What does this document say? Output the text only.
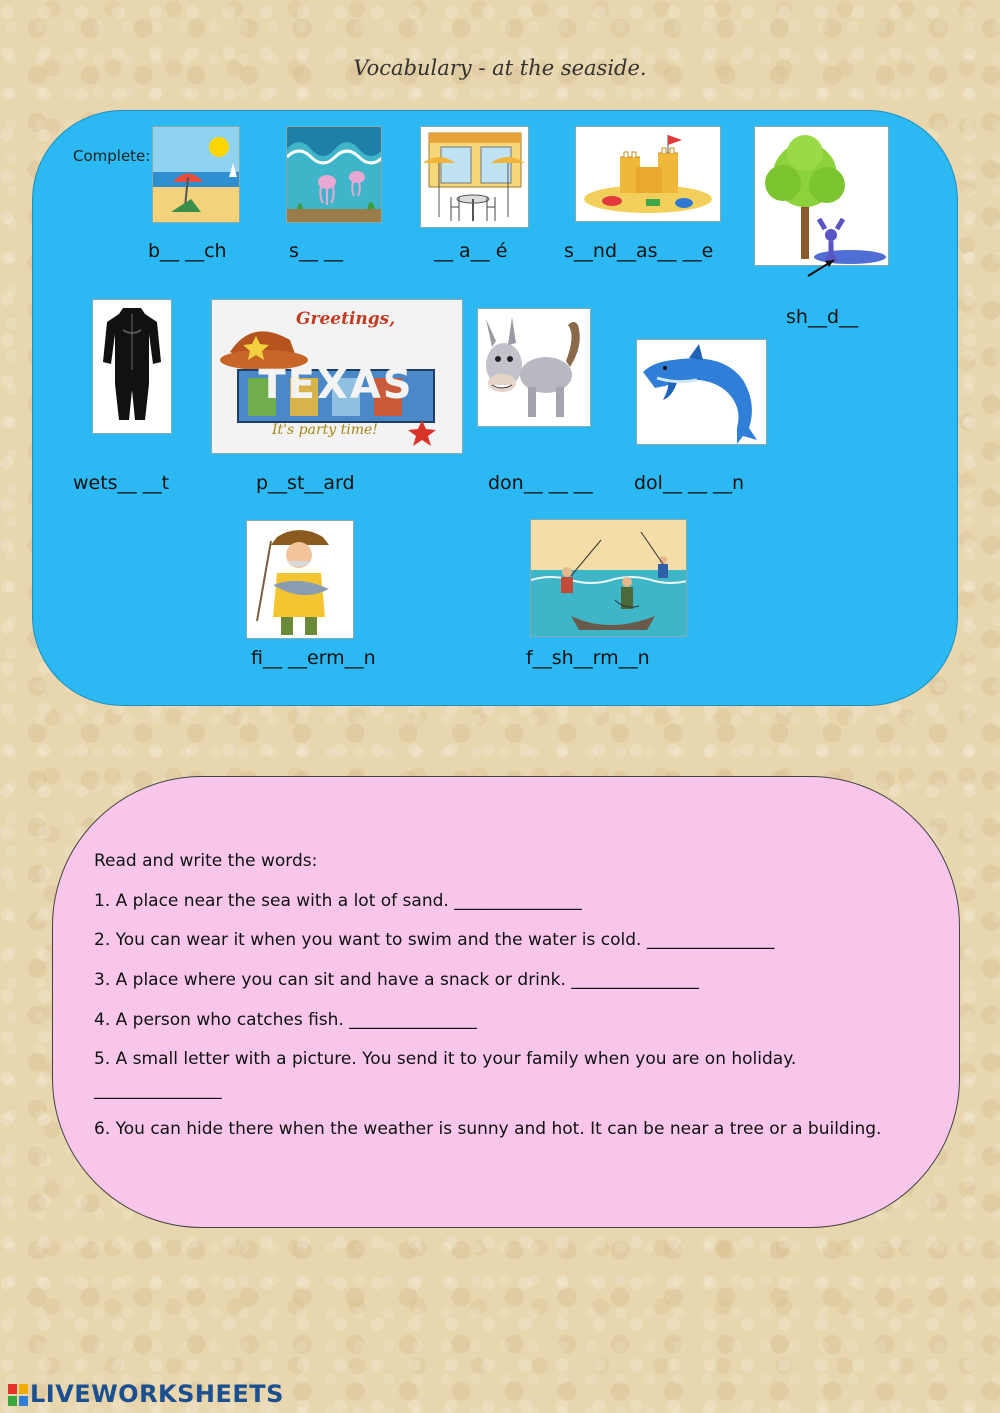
Vocabulary - at the seaside.
Complete:
b__ __ch	s__ __	__ a__ é	s__nd__as__ __e
sh__d__
Greetings,
TEXAS
It's party time!
wets__ __t	p__st__ard	don__ __ __ dol__ __ __n
fi__ __erm__n	f__sh__rm__n
Read and write the words:
1. A place near the sea with a lot of sand. _______________
2. You can wear it when you want to swim and the water is cold. _______________
3. A place where you can sit and have a snack or drink. _______________
4. A person who catches fish. _______________
5. A small letter with a picture. You send it to your family when you are on holiday.
_______________
6. You can hide there when the weather is sunny and hot. It can be near a tree or a building.
LIVEWORKSHEETS
